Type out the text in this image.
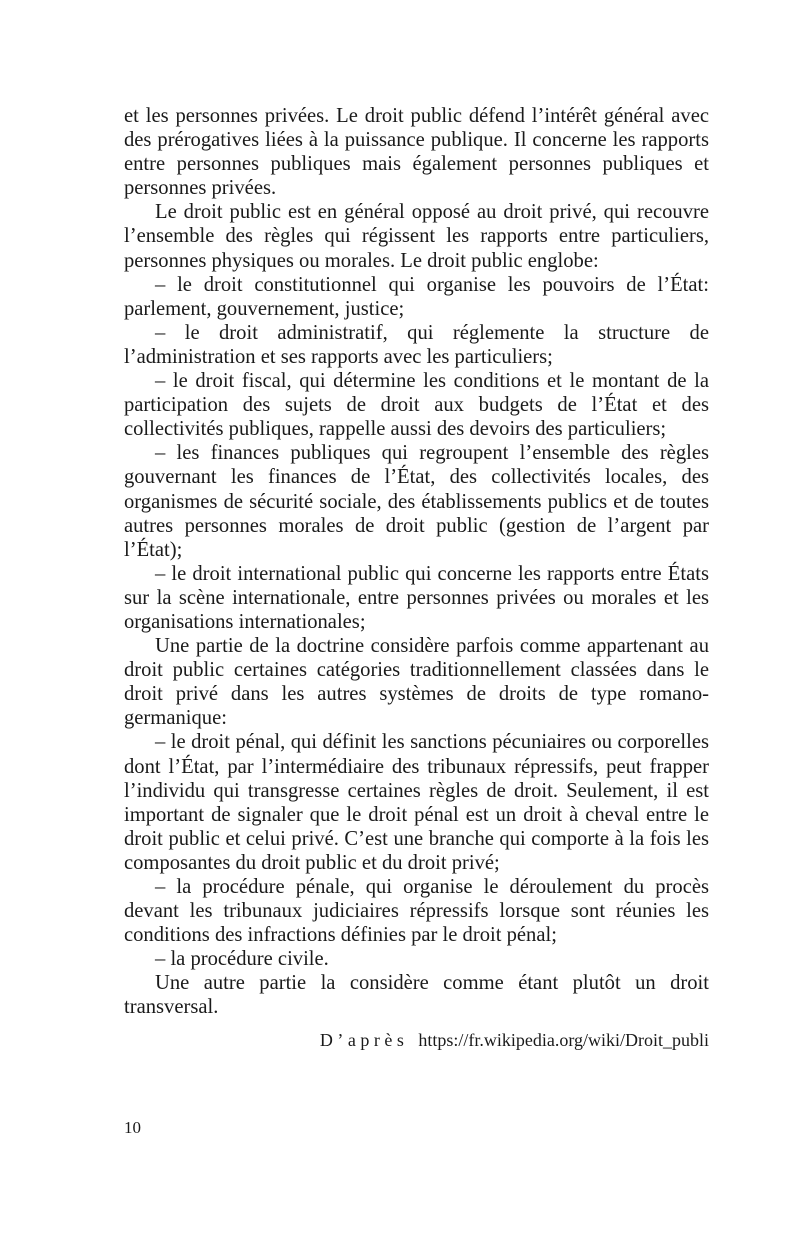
et les personnes privées. Le droit public défend l’intérêt général avec des prérogatives liées à la puissance publique. Il concerne les rapports entre personnes publiques mais également personnes publiques et personnes privées.

Le droit public est en général opposé au droit privé, qui recouvre l’ensemble des règles qui régissent les rapports entre particuliers, personnes physiques ou morales. Le droit public englobe:

– le droit constitutionnel qui organise les pouvoirs de l’État: parlement, gouvernement, justice;

– le droit administratif, qui réglemente la structure de l’administration et ses rapports avec les particuliers;

– le droit fiscal, qui détermine les conditions et le montant de la participation des sujets de droit aux budgets de l’État et des collectivités publiques, rappelle aussi des devoirs des particuliers;

– les finances publiques qui regroupent l’ensemble des règles gouvernant les finances de l’État, des collectivités locales, des organismes de sécurité sociale, des établissements publics et de toutes autres personnes morales de droit public (gestion de l’argent par l’État);

– le droit international public qui concerne les rapports entre États sur la scène internationale, entre personnes privées ou morales et les organisations internationales;

Une partie de la doctrine considère parfois comme appartenant au droit public certaines catégories traditionnellement classées dans le droit privé dans les autres systèmes de droits de type romano-germanique:

– le droit pénal, qui définit les sanctions pécuniaires ou corporelles dont l’État, par l’intermédiaire des tribunaux répressifs, peut frapper l’individu qui transgresse certaines règles de droit. Seulement, il est important de signaler que le droit pénal est un droit à cheval entre le droit public et celui privé. C’est une branche qui comporte à la fois les composantes du droit public et du droit privé;

– la procédure pénale, qui organise le déroulement du procès devant les tribunaux judiciaires répressifs lorsque sont réunies les conditions des infractions définies par le droit pénal;

– la procédure civile.

Une autre partie la considère comme étant plutôt un droit transversal.

D’après https://fr.wikipedia.org/wiki/Droit_publi

10
